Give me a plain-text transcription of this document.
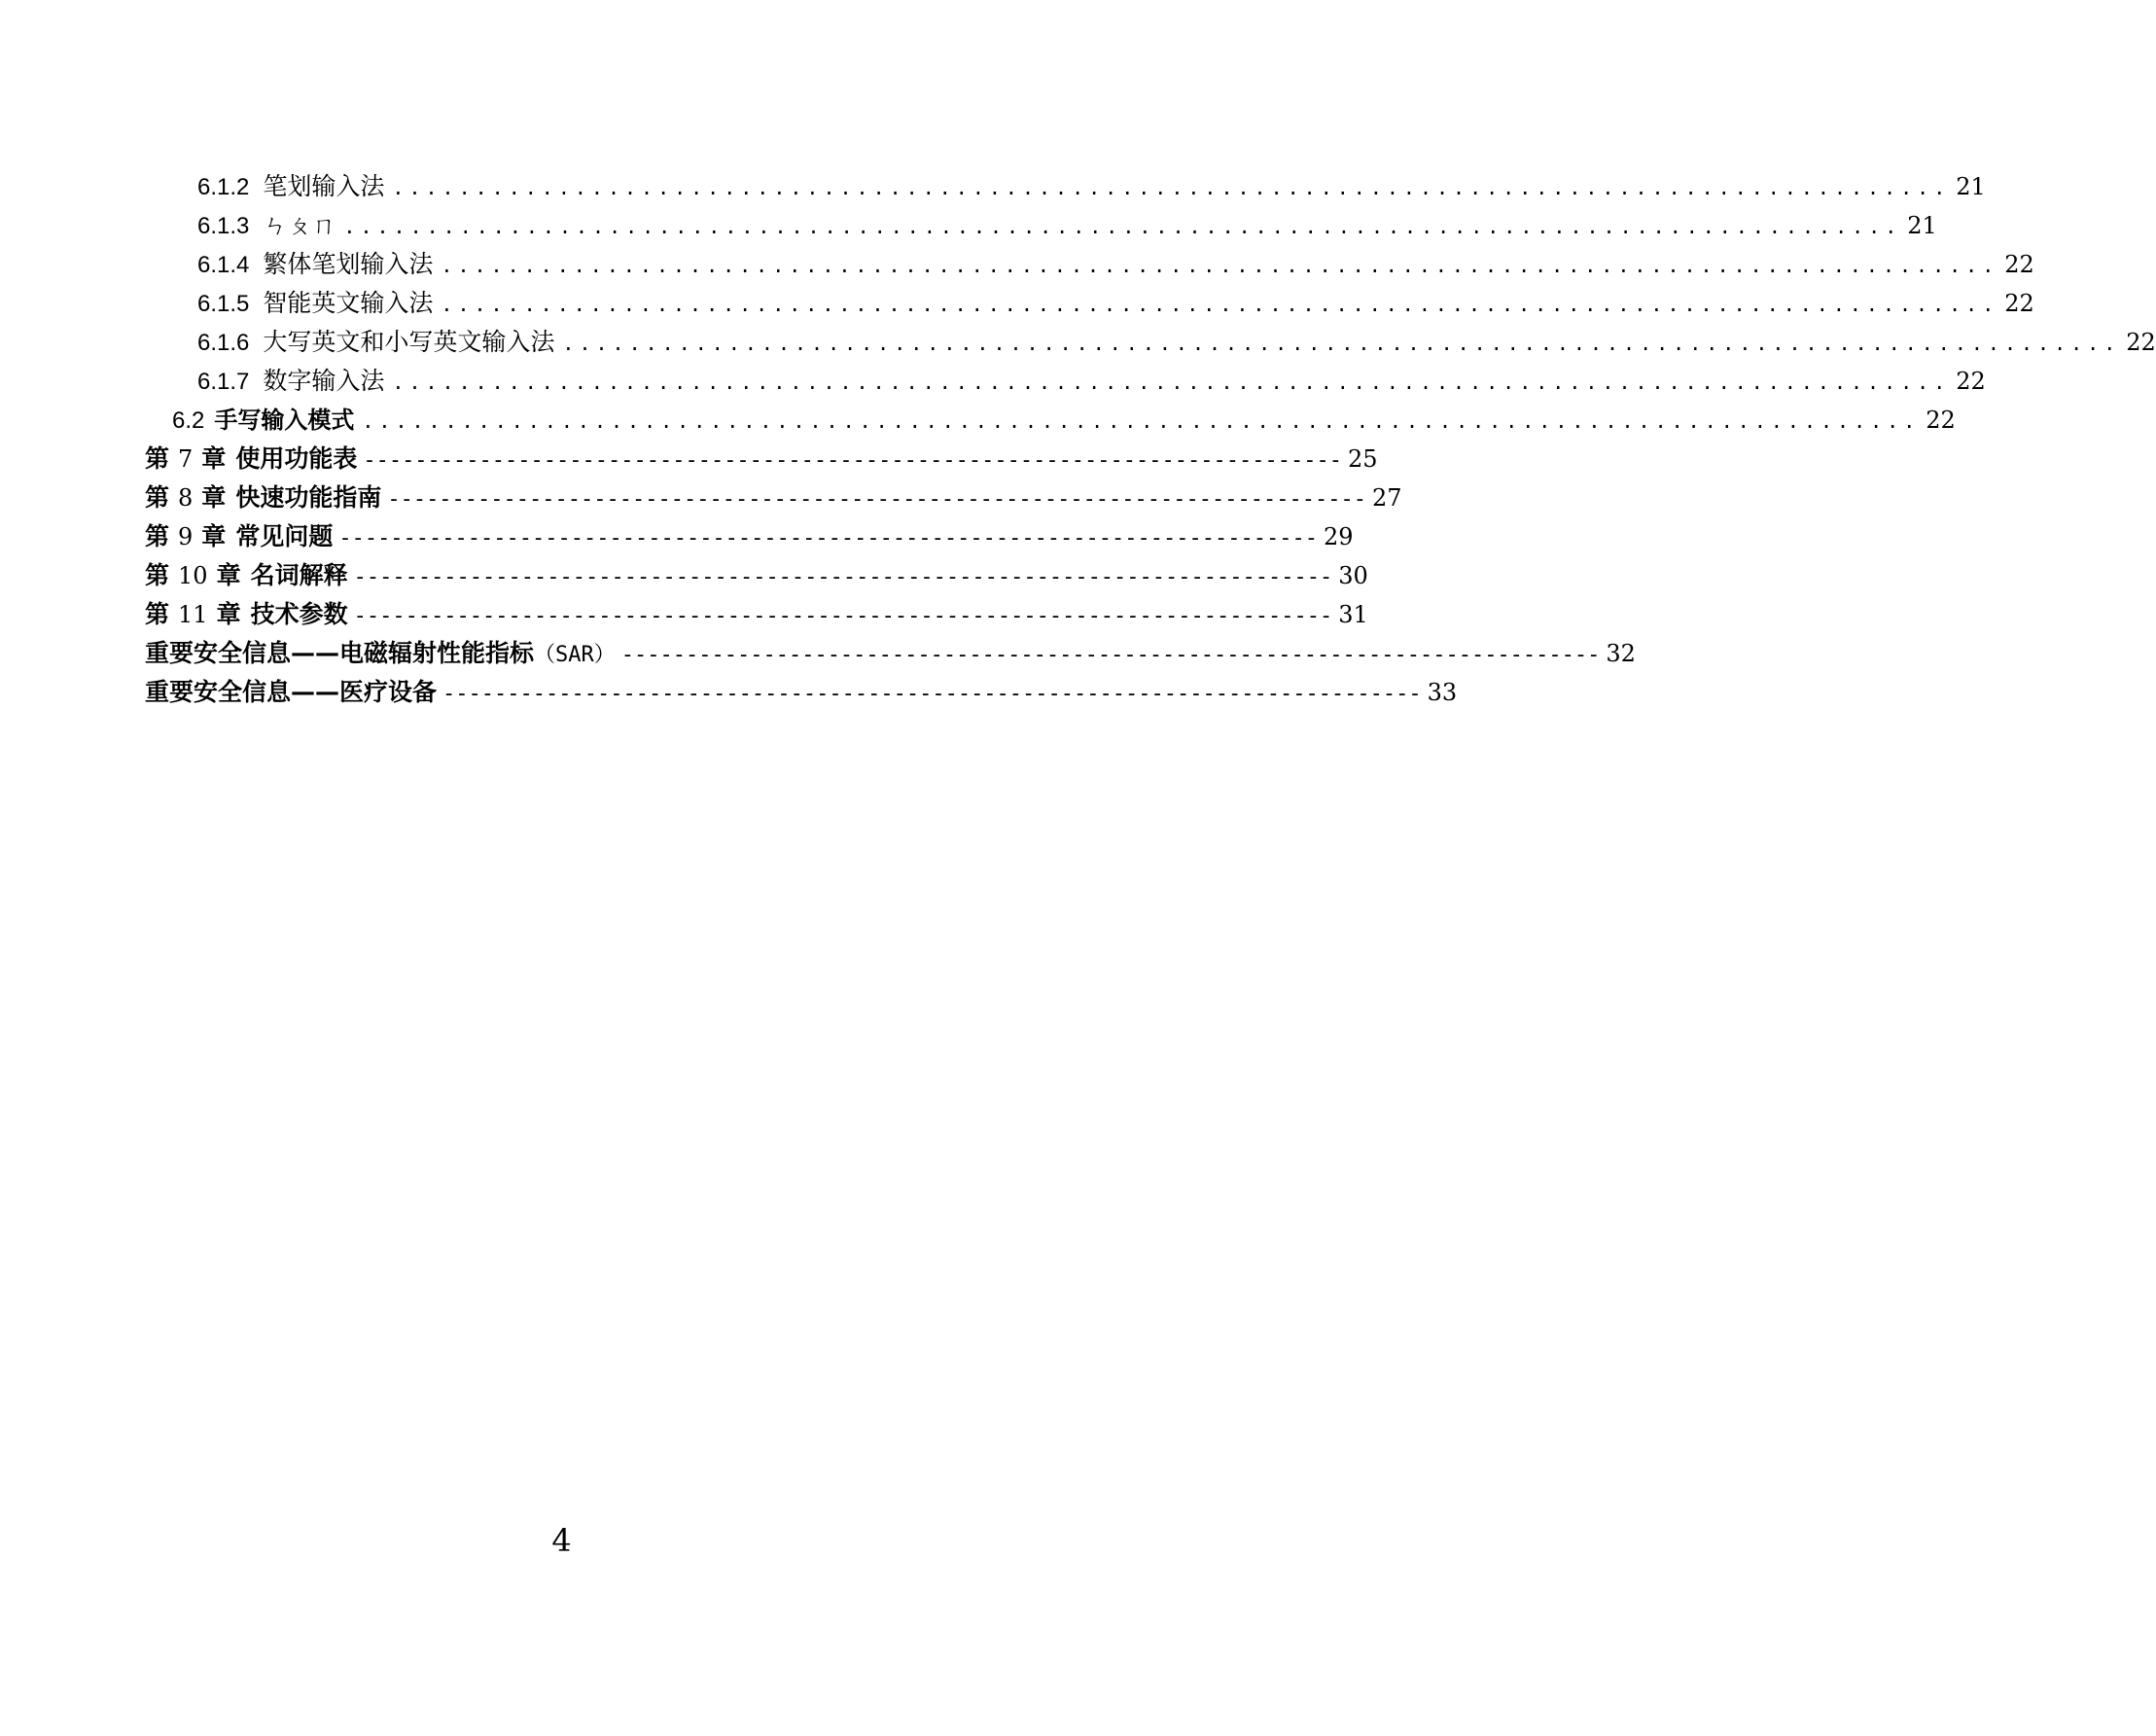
6.1.2 笔划输入法 .............................................................................................. 21
6.1.3 ㄣㄆㄇ .............................................................................................. 21
6.1.4 繁体笔划输入法 .............................................................................................. 22
6.1.5 智能英文输入法 .............................................................................................. 22
6.1.6 大写英文和小写英文输入法 .............................................................................................. 22
6.1.7 数字输入法 .............................................................................................. 22
6.2 手写输入模式 .............................................................................................. 22
第 7 章 使用功能表 ---------------------------------------------------------------------------- 25
第 8 章 快速功能指南 ---------------------------------------------------------------------------- 27
第 9 章 常见问题 ---------------------------------------------------------------------------- 29
第 10 章 名词解释 ---------------------------------------------------------------------------- 30
第 11 章 技术参数 ---------------------------------------------------------------------------- 31
重要安全信息——电磁辐射性能指标（SAR） ---------------------------------------------------------------------------- 32
重要安全信息——医疗设备 ---------------------------------------------------------------------------- 33
4
